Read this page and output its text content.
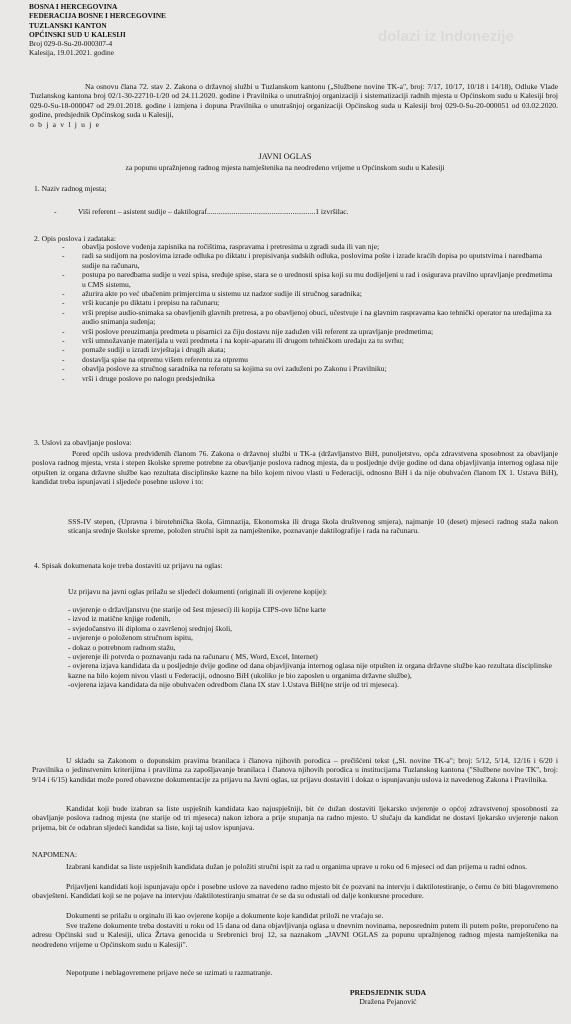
dolazi iz Indonezije
BOSNA I HERCEGOVINA
FEDERACIJA BOSNE I HERCEGOVINE
TUZLANSKI KANTON
OPĆINSKI SUD U KALESIJI
Broj 029-0-Su-20-000307-4
Kalesija, 19.01.2021. godine
Na osnovu člana 72. stav 2. Zakona o državnoj službi u Tuzlanskom kantonu („Službene novine TK-a", broj: 7/17, 10/17, 10/18 i 14/18), Odluke Vlade Tuzlanskog kantona broj 02/1-30-22710-1/20 od 24.11.2020. godine i Pravilnika o unutrašnjoj organizaciji i sistematizaciji radnih mjesta u Općinskom sudu u Kalesiji broj 029-0-Su-18-000047 od 29.01.2018. godine i izmjena i dopuna Pravilnika o unutrašnjoj organizaciji Općinskog suda u Kalesiji broj 029-0-Su-20-000051 od 03.02.2020. godine, predsjednik Općinskog suda u Kalesiji,
o b j a v l j u j e
JAVNI OGLAS
za popunu upražnjenog radnog mjesta namještenika na neodređeno vrijeme u Općinskom sudu u Kalesiji
1. Naziv radnog mjesta;
-	Viši referent – asistent sudije – daktilograf.........................................................1 izvršilac.
2. Opis poslova i zadataka:
- obavlja poslove vođenja zapisnika na ročištima, raspravama i pretresima u zgradi suda ili van nje;
- radi sa sudijom na poslovima izrade odluka po diktatu i prepisivanja sudskih odluka, poslovima pošte i izrade kraćih dopisa po uputstvima i naredbama sudije na računaru,
- postupa po naredbama sudije u vezi spisa, sređuje spise, stara se o urednosti spisa koji su mu dodijeljeni u rad i osigurava pravilno upravljanje predmetima u CMS sistemu,
- ažurira akte po već ubačenim primjercima u sistemu uz nadzor sudije ili stručnog saradnika;
- vrši kucanje po diktatu i prepisu na računaru;
- vrši prepise audio-snimaka sa obavljenih glavnih pretresa, a po obavljenoj obuci, učestvuje i na glavnim raspravama kao tehnički operator na uređajima za audio snimanja suđenja;
- vrši poslove preuzimanja predmeta u pisarnici za čiju dostavu nije zadužen viši referent za upravljanje predmetima;
- vrši umnožavanje materijala u vezi predmeta i na kopir-aparatu ili drugom tehničkom uređaju za tu svrhu;
- pomaže sudiji u izradi izvještaja i drugih akata;
- dostavlja spise na otpremu višem referentu za otpremu
- obavlja poslove za stručnog saradnika na referatu sa kojima su ovi zaduženi po Zakonu i Pravilniku;
- vrši i druge poslove po nalogu predsjednika
3. Uslovi za obavljanje poslova:
Pored općih uslova predviđenih članom 76. Zakona o državnoj službi u TK-a (državljanstvo BiH, punoljetstvo, opća zdravstvena sposobnost za obavljanje poslova radnog mjesta, vrsta i stepen školske spreme potrebne za obavljanje poslova radnog mjesta, da u posljednje dvije godine od dana objavljivanja internog oglasa nije otpušten iz organa državne službe kao rezultata disciplinske kazne na bilo kojem nivou vlasti u Federaciji, odnosno BiH i da nije obuhvaćen članom IX 1. Ustava BiH), kandidat treba ispunjavati i sljedeće posebne uslove i to:
SSS-IV stepen, (Upravna i birotehnička škola, Gimnazija, Ekonomska ili druga škola društvenog smjera), najmanje 10 (deset) mjeseci radnog staža nakon sticanja srednje školske spreme, položen stručni ispit za namještenike, poznavanje daktilografije i rada na računaru.
4. Spisak dokumenata koje treba dostaviti uz prijavu na oglas:
Uz prijavu na javni oglas prilažu se sljedeći dokumenti (originali ili ovjerene kopije):
- uvjerenje o državljanstvu (ne starije od šest mjeseci) ili kopija CIPS-ove lične karte
- izvod iz matične knjige rođenih,
- svjedočanstvo ili diploma o završenoj srednjoj školi,
- uvjerenje o položenom stručnom ispitu,
- dokaz o potrebnom radnom stažu,
- uvjerenje ili potvrda o poznavanju rada na računaru ( MS, Word, Excel, Internet)
- ovjerena izjava kandidata da u posljednje dvije godine od dana objavljivanja internog oglasa nije otpušten iz organa državne službe kao rezultata disciplinske kazne na bilo kojem nivou vlasti u Federaciji, odnosno BiH (ukoliko je bio zaposlen u organima državne službe),
-ovjerena izjava kandidata da nije obuhvaćen odredbom člana IX stav 1.Ustava BiH(ne strije od tri mjeseca).
U skladu sa Zakonom o dopunskim pravima branilaca i članova njihovih porodica – prečišćeni tekst („Sl. novine TK-a"; broj: 5/12, 5/14, 12/16 i 6/20 i Pravilnika o jedinstvenim kriterijima i pravilima za zapošljavanje branilaca i članova njihovih porodica u institucijama Tuzlanskog kantona ("Službene novine TK", broj: 9/14 i 6/15) kandidat može pored obavezne dokumentacije za prijavu na Javni oglas, uz prijavu dostaviti i dokaz o ispunjavanju uslova iz navedenog Zakona i Pravilnika.
Kandidat koji bude izabran sa liste uspješnih kandidata kao najuspješniji, bit će dužan dostaviti ljekarsko uvjerenje o općoj zdravstvenoj sposobnosti za obavljanje poslova radnog mjesta (ne starije od tri mjeseca) nakon izbora a prije stupanja na radno mjesto. U slučaju da kandidat ne dostavi ljekarsko uvjerenje nakon prijema, bit će odabran sljedeći kandidat sa liste, koji taj uslov ispunjava.
NAPOMENA:
Izabrani kandidat sa liste uspješnih kandidata dužan je položiti stručni ispit za rad u organima uprave u roku od 6 mjeseci od dan prijema u radni odnos.
Prijavljeni kandidati koji ispunjavaju opće i posebne uslove za navedeno radno mjesto bit će pozvani na intervju i daktilotestiranje, o čemu će biti blagovremeno obavješteni. Kandidati koji se ne pojave na intervjuu /daktilotestiranju smatrat će se da su odustali od dalje konkursne procedure.
Dokumenti se prilažu u orginalu ili kao ovjerene kopije a dokumente koje kandidat priloži ne vraćaju se.
Sve tražene dokumente treba dostaviti u roku od 15 dana od dana objavljivanja oglasa u dnevnim novinama, neposrednim putem ili putem pošte, preporučeno na adresu Općinski sud u Kalesiji, ulica Žrtava genocida u Srebrenici broj 12, sa naznakom „JAVNI OGLAS za popunu upražnjenog radnog mjesta namještenika na neodređeno vrijeme u Općinskom sudu u Kalesiji".
Nepotpune i neblagovremene prijave neće se uzimati u razmatranje.
PREDSJEDNIK SUDA
Dražena Pejanović
